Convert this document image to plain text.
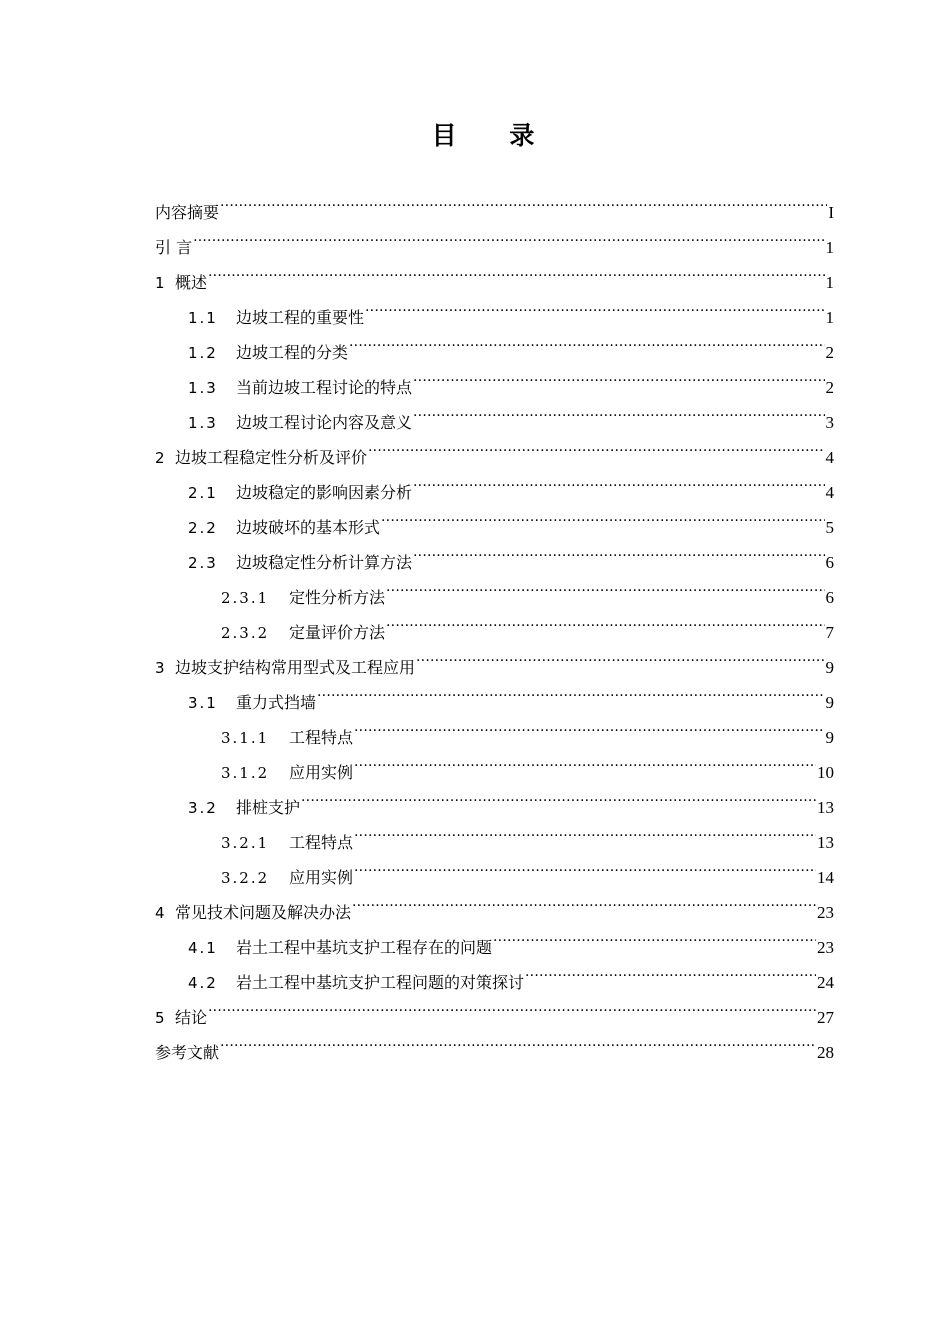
目 录
内容摘要 .....	I
引 言 .....	1
1 概述 .....	1
1.1	边坡工程的重要性 .....	1
1.2	边坡工程的分类 .....	2
1.3	当前边坡工程讨论的特点 .....	2
1.3	边坡工程讨论内容及意义 .....	3
2 边坡工程稳定性分析及评价 .....	4
2.1	边坡稳定的影响因素分析 .....	4
2.2	边坡破坏的基本形式 .....	5
2.3	边坡稳定性分析计算方法 .....	6
2.3.1	定性分析方法 .....	6
2.3.2	定量评价方法 .....	7
3 边坡支护结构常用型式及工程应用 .....	9
3.1	重力式挡墙 .....	9
3.1.1	工程特点 .....	9
3.1.2	应用实例 .....	10
3.2	排桩支护 .....	13
3.2.1	工程特点 .....	13
3.2.2	应用实例 .....	14
4 常见技术问题及解决办法 .....	23
4.1	岩土工程中基坑支护工程存在的问题 .....	23
4.2	岩土工程中基坑支护工程问题的对策探讨 .....	24
5 结论 .....	27
参考文献 .....	28
